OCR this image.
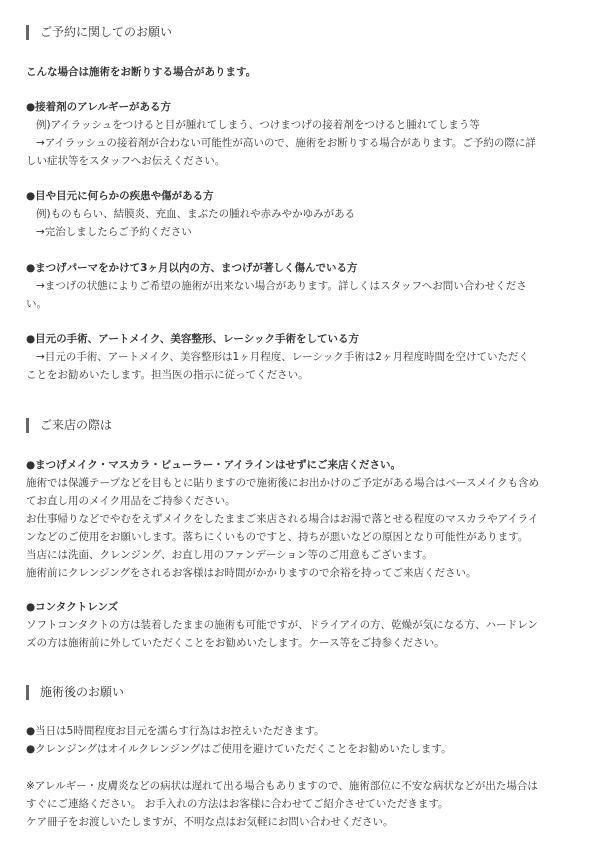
ご予約に関してのお願い
こんな場合は施術をお断りする場合があります。
●接着剤のアレルギーがある方
例)アイラッシュをつけると目が腫れてしまう、つけまつげの接着剤をつけると腫れてしまう等
→アイラッシュの接着剤が合わない可能性が高いので、施術をお断りする場合があります。ご予約の際に詳
しい症状等をスタッフへお伝えください。
●目や目元に何らかの疾患や傷がある方
例)ものもらい、結膜炎、充血、まぶたの腫れや赤みやかゆみがある
→完治しましたらご予約ください
●まつげパーマをかけて3ヶ月以内の方、まつげが著しく傷んでいる方
→まつげの状態によりご希望の施術が出来ない場合があります。詳しくはスタッフへお問い合わせくださ
い。
●目元の手術、アートメイク、美容整形、レーシック手術をしている方
→目元の手術、アートメイク、美容整形は1ヶ月程度、レーシック手術は2ヶ月程度時間を空けていただく
ことをお勧めいたします。担当医の指示に従ってください。
ご来店の際は
●まつげメイク・マスカラ・ビューラー・アイラインはせずにご来店ください。
施術では保護テープなどを目もとに貼りますので施術後にお出かけのご予定がある場合はベースメイクも含め
てお直し用のメイク用品をご持参ください。
お仕事帰りなどでやむをえずメイクをしたままご来店される場合はお湯で落とせる程度のマスカラやアイライ
ンなどのご使用をお願いします。落ちにくいものですと、持ちが悪いなどの原因となり可能性があります。
当店には洗面、クレンジング、お直し用のファンデーション等のご用意もございます。
施術前にクレンジングをされるお客様はお時間がかかりますので余裕を持ってご来店ください。
●コンタクトレンズ
ソフトコンタクトの方は装着したままの施術も可能ですが、ドライアイの方、乾燥が気になる方、ハードレン
ズの方は施術前に外していただくことをお勧めいたします。ケース等をご持参ください。
施術後のお願い
●当日は5時間程度お目元を濡らす行為はお控えいただきます。
●クレンジングはオイルクレンジングはご使用を避けていただくことをお勧めいたします。
※アレルギー・皮膚炎などの病状は遅れて出る場合もありますので、施術部位に不安な病状などが出た場合は
すぐにご連絡ください。 お手入れの方法はお客様に合わせてご紹介させていただきます。
ケア冊子をお渡しいたしますが、不明な点はお気軽にお問い合わせください。
